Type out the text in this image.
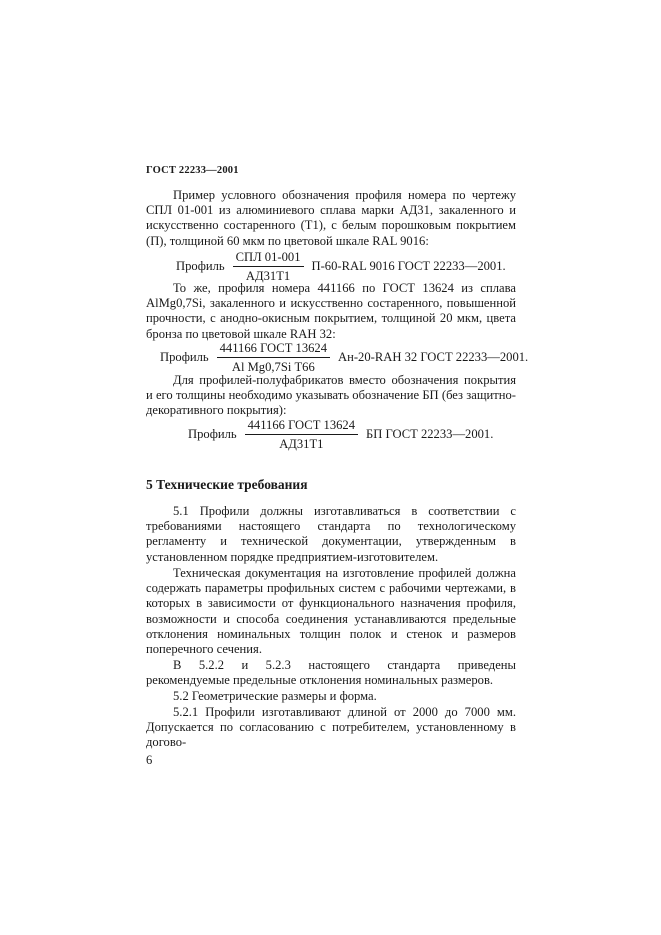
ГОСТ 22233—2001

Пример условного обозначения профиля номера по чертежу СПЛ 01-001 из алюминиевого сплава марки АД31, закаленного и искусственно состаренного (Т1), с белым порошковым покрытием (П), толщиной 60 мкм по цветовой шкале RAL 9016:

Профиль $\frac{\text{СПЛ 01-001}}{АД31Т1} П-60-RAL$ 9016 ГОСТ 22233—2001.

То же, профиля номера 441166 по ГОСТ 13624 из сплава AlMg0,7Si, закаленного и искусственно состаренного, повышенной прочности, с анодно-окисным покрытием, толщиной 20 мкм, цвета бронза по цветовой шкале RAH 32:

Профиль $\frac{\text{441166 ГОСТ 13624}}{\text{Al Mg0,7Si Т66}} Ан-20-RAH$ 32 ГОСТ 22233—2001.

Для профилей-полуфабрикатов вместо обозначения покрытия и его толщины необходимо указывать обозначение БП (без защитно-декоративного покрытия):

Профиль $\frac{\text{441166 ГОСТ 13624}}{АД31Т1}$ БП ГОСТ 22233—2001.
5 Технические требования

5.1 Профили должны изготавливаться в соответствии с требованиями настоящего стандарта по технологическому регламенту и технической документации, утвержденным в установленном порядке предприятием-изготовителем.

Техническая документация на изготовление профилей должна содержать параметры профильных систем с рабочими чертежами, в которых в зависимости от функционального назначения профиля, возможности и способа соединения устанавливаются предельные отклонения номинальных толщин полок и стенок и размеров поперечного сечения.

В 5.2.2 и 5.2.3 настоящего стандарта приведены рекомендуемые предельные отклонения номинальных размеров.

5.2 Геометрические размеры и форма.

5.2.1 Профили изготавливают длиной от 2000 до 7000 мм. Допускается по согласованию с потребителем, установленному в догово-

6
